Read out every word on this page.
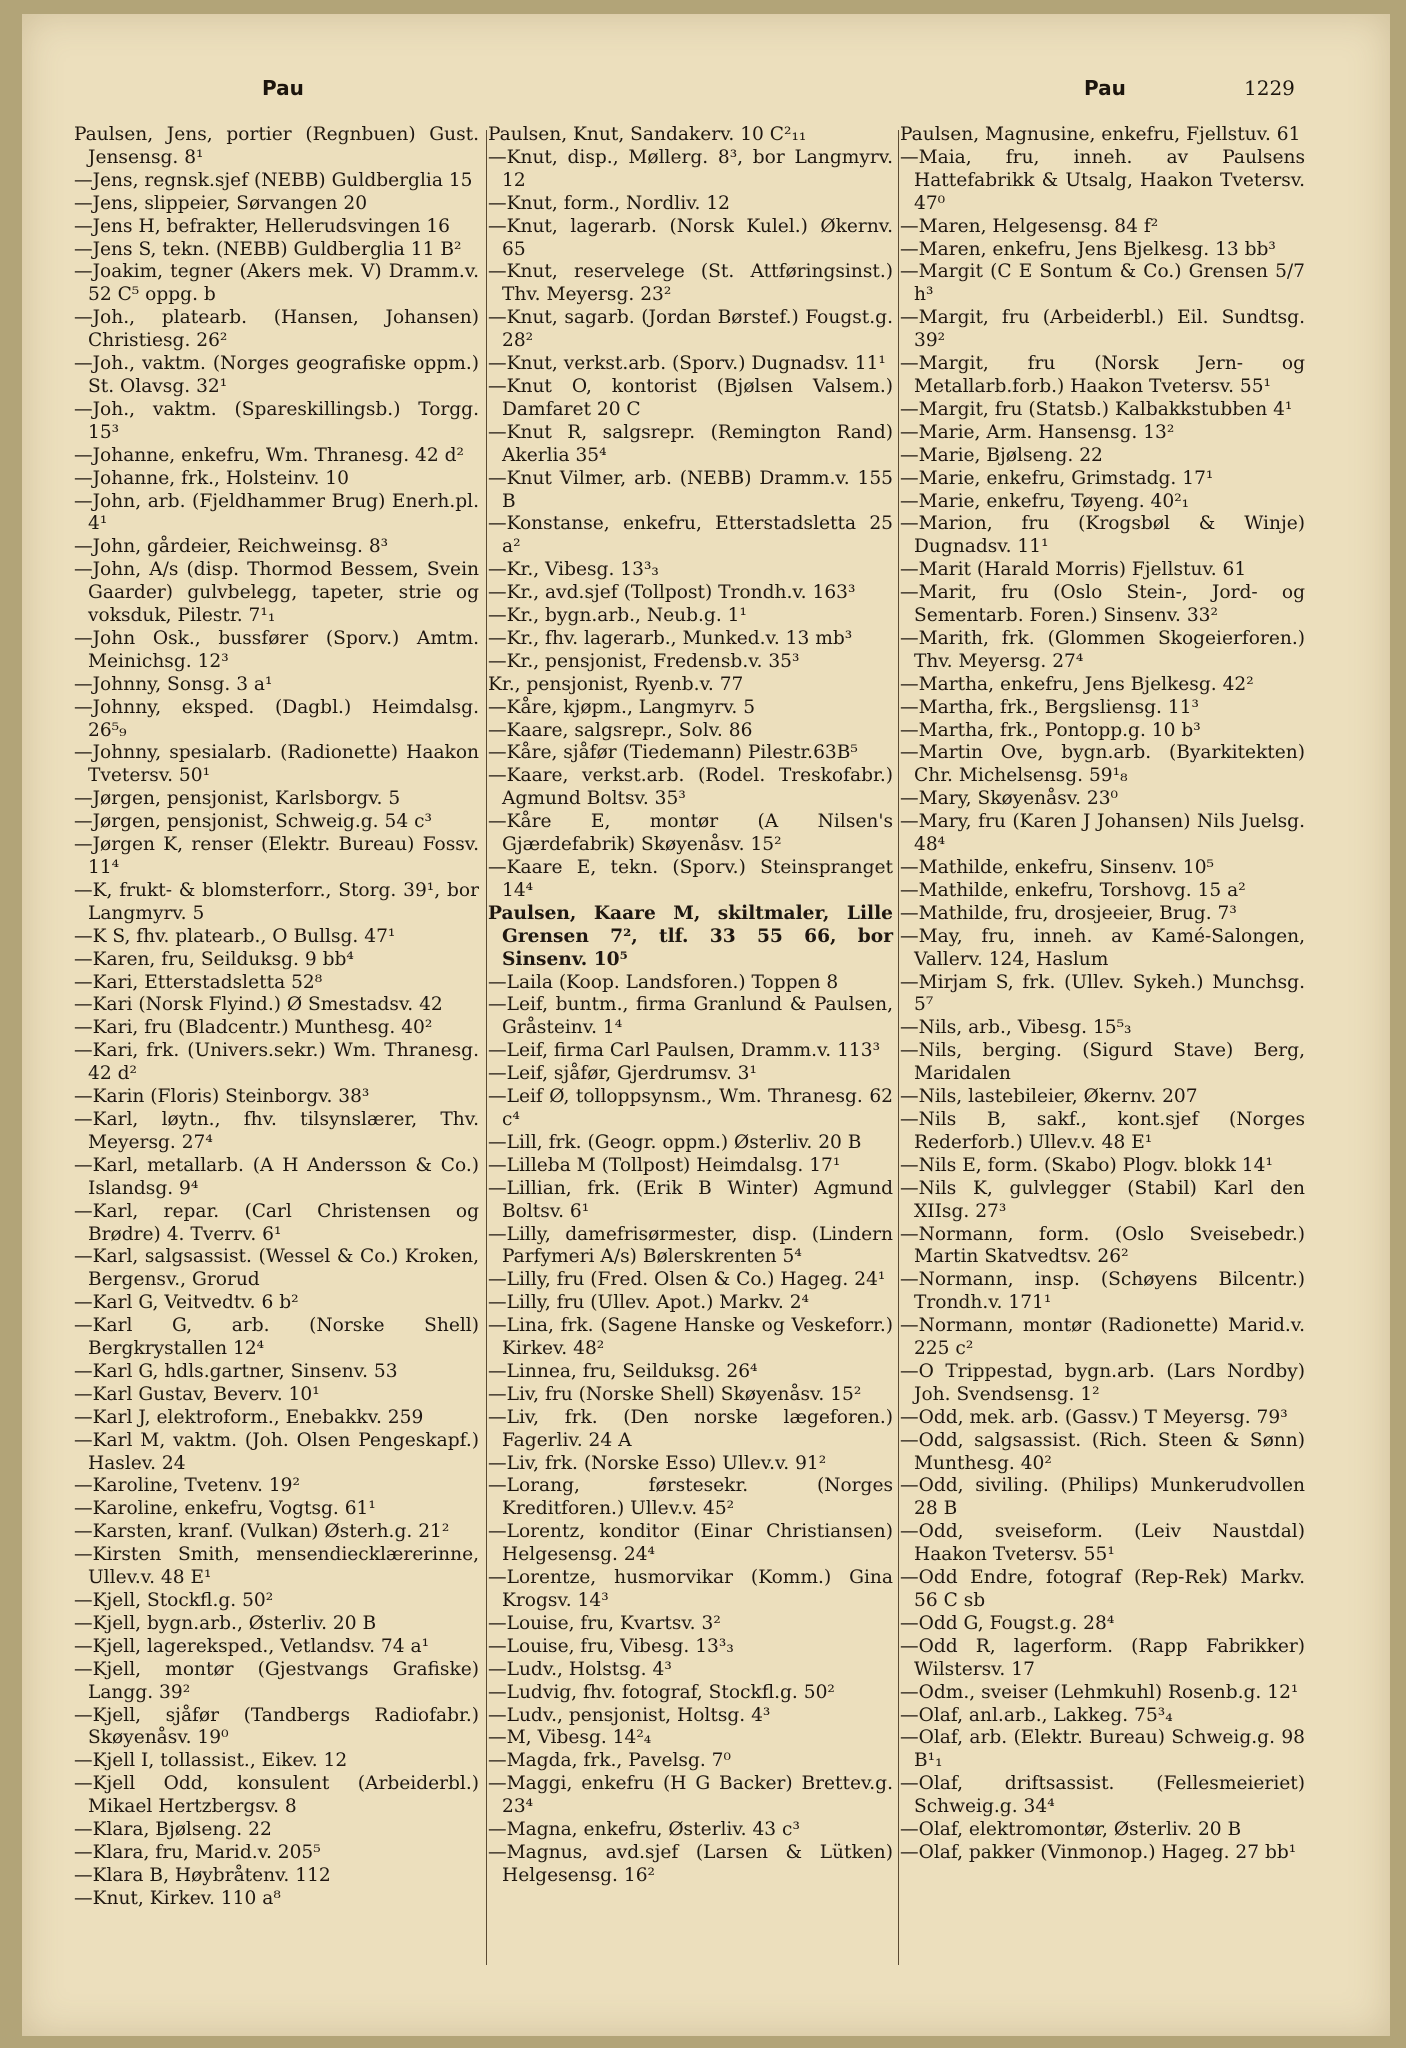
Pau	Pau	1229
Paulsen, Jens, portier (Regnbuen) Gust. Jensensg. 8¹
—Jens, regnsk.sjef (NEBB) Guldberglia 15
—Jens, slippeier, Sørvangen 20
—Jens H, befrakter, Hellerudsvingen 16
—Jens S, tekn. (NEBB) Guldberglia 11 B²
—Joakim, tegner (Akers mek. V) Dramm.v. 52 C⁵ oppg. b
—Joh., platearb. (Hansen, Johansen) Christiesg. 26²
—Joh., vaktm. (Norges geografiske oppm.) St. Olavsg. 32¹
—Joh., vaktm. (Spareskillingsb.) Torgg. 15³
—Johanne, enkefru, Wm. Thranesg. 42 d²
—Johanne, frk., Holsteinv. 10
—John, arb. (Fjeldhammer Brug) Enerh.pl. 4¹
—John, gårdeier, Reichweinsg. 8³
—John, A/s (disp. Thormod Bessem, Svein Gaarder) gulvbelegg, tapeter, strie og voksduk, Pilestr. 7¹₁
—John Osk., bussfører (Sporv.) Amtm. Meinichsg. 12³
—Johnny, Sonsg. 3 a¹
—Johnny, eksped. (Dagbl.) Heimdalsg. 26⁵₉
—Johnny, spesialarb. (Radionette) Haakon Tvetersv. 50¹
—Jørgen, pensjonist, Karlsborgv. 5
—Jørgen, pensjonist, Schweig.g. 54 c³
—Jørgen K, renser (Elektr. Bureau) Fossv. 11⁴
—K, frukt- & blomsterforr., Storg. 39¹, bor Langmyrv. 5
—K S, fhv. platearb., O Bullsg. 47¹
—Karen, fru, Seilduksg. 9 bb⁴
—Kari, Etterstadsletta 52⁸
—Kari (Norsk Flyind.) Ø Smestadsv. 42
—Kari, fru (Bladcentr.) Munthesg. 40²
—Kari, frk. (Univers.sekr.) Wm. Thranesg. 42 d²
—Karin (Floris) Steinborgv. 38³
—Karl, løytn., fhv. tilsynslærer, Thv. Meyersg. 27⁴
—Karl, metallarb. (A H Andersson & Co.) Islandsg. 9⁴
—Karl, repar. (Carl Christensen og Brødre) 4. Tverrv. 6¹
—Karl, salgsassist. (Wessel & Co.) Kroken, Bergensv., Grorud
—Karl G, Veitvedtv. 6 b²
—Karl G, arb. (Norske Shell) Bergkrystallen 12⁴
—Karl G, hdls.gartner, Sinsenv. 53
—Karl Gustav, Beverv. 10¹
—Karl J, elektroform., Enebakkv. 259
—Karl M, vaktm. (Joh. Olsen Pengeskapf.) Haslev. 24
—Karoline, Tvetenv. 19²
—Karoline, enkefru, Vogtsg. 61¹
—Karsten, kranf. (Vulkan) Østerh.g. 21²
—Kirsten Smith, mensendiecklærerinne, Ullev.v. 48 E¹
—Kjell, Stockfl.g. 50²
—Kjell, bygn.arb., Østerliv. 20 B
—Kjell, lagereksped., Vetlandsv. 74 a¹
—Kjell, montør (Gjestvangs Grafiske) Langg. 39²
—Kjell, sjåfør (Tandbergs Radiofabr.) Skøyenåsv. 19⁰
—Kjell I, tollassist., Eikev. 12
—Kjell Odd, konsulent (Arbeiderbl.) Mikael Hertzbergsv. 8
—Klara, Bjølseng. 22
—Klara, fru, Marid.v. 205⁵
—Klara B, Høybråtenv. 112
—Knut, Kirkev. 110 a⁸
Paulsen, Knut, Sandakerv. 10 C²₁₁
—Knut, disp., Møllerg. 8³, bor Langmyrv. 12
—Knut, form., Nordliv. 12
—Knut, lagerarb. (Norsk Kulel.) Økernv. 65
—Knut, reservelege (St. Attføringsinst.) Thv. Meyersg. 23²
—Knut, sagarb. (Jordan Børstef.) Fougst.g. 28²
—Knut, verkst.arb. (Sporv.) Dugnadsv. 11¹
—Knut O, kontorist (Bjølsen Valsem.) Damfaret 20 C
—Knut R, salgsrepr. (Remington Rand) Akerlia 35⁴
—Knut Vilmer, arb. (NEBB) Dramm.v. 155 B
—Konstanse, enkefru, Etterstadsletta 25 a²
—Kr., Vibesg. 13³₃
—Kr., avd.sjef (Tollpost) Trondh.v. 163³
—Kr., bygn.arb., Neub.g. 1¹
—Kr., fhv. lagerarb., Munked.v. 13 mb³
—Kr., pensjonist, Fredensb.v. 35³
Kr., pensjonist, Ryenb.v. 77
—Kåre, kjøpm., Langmyrv. 5
—Kaare, salgsrepr., Solv. 86
—Kåre, sjåfør (Tiedemann) Pilestr.63B⁵
—Kaare, verkst.arb. (Rodel. Treskofabr.) Agmund Boltsv. 35³
—Kåre E, montør (A Nilsen's Gjærdefabrik) Skøyenåsv. 15²
—Kaare E, tekn. (Sporv.) Steinspranget 14⁴
Paulsen, Kaare M, skiltmaler, Lille Grensen 7², tlf. 33 55 66, bor Sinsenv. 10⁵
—Laila (Koop. Landsforen.) Toppen 8
—Leif, buntm., firma Granlund & Paulsen, Gråsteinv. 1⁴
—Leif, firma Carl Paulsen, Dramm.v. 113³
—Leif, sjåfør, Gjerdrumsv. 3¹
—Leif Ø, tolloppsynsm., Wm. Thranesg. 62 c⁴
—Lill, frk. (Geogr. oppm.) Østerliv. 20 B
—Lilleba M (Tollpost) Heimdalsg. 17¹
—Lillian, frk. (Erik B Winter) Agmund Boltsv. 6¹
—Lilly, damefrisørmester, disp. (Lindern Parfymeri A/s) Bølerskrenten 5⁴
—Lilly, fru (Fred. Olsen & Co.) Hageg. 24¹
—Lilly, fru (Ullev. Apot.) Markv. 2⁴
—Lina, frk. (Sagene Hanske og Veskeforr.) Kirkev. 48²
—Linnea, fru, Seilduksg. 26⁴
—Liv, fru (Norske Shell) Skøyenåsv. 15²
—Liv, frk. (Den norske lægeforen.) Fagerliv. 24 A
—Liv, frk. (Norske Esso) Ullev.v. 91²
—Lorang, førstesekr. (Norges Kreditforen.) Ullev.v. 45²
—Lorentz, konditor (Einar Christiansen) Helgesensg. 24⁴
—Lorentze, husmorvikar (Komm.) Gina Krogsv. 14³
—Louise, fru, Kvartsv. 3²
—Louise, fru, Vibesg. 13³₃
—Ludv., Holstsg. 4³
—Ludvig, fhv. fotograf, Stockfl.g. 50²
—Ludv., pensjonist, Holtsg. 4³
—M, Vibesg. 14²₄
—Magda, frk., Pavelsg. 7⁰
—Maggi, enkefru (H G Backer) Brettev.g. 23⁴
—Magna, enkefru, Østerliv. 43 c³
—Magnus, avd.sjef (Larsen & Lütken) Helgesensg. 16²
Paulsen, Magnusine, enkefru, Fjellstuv. 61
—Maia, fru, inneh. av Paulsens Hattefabrikk & Utsalg, Haakon Tvetersv. 47⁰
—Maren, Helgesensg. 84 f²
—Maren, enkefru, Jens Bjelkesg. 13 bb³
—Margit (C E Sontum & Co.) Grensen 5/7 h³
—Margit, fru (Arbeiderbl.) Eil. Sundtsg. 39²
—Margit, fru (Norsk Jern- og Metallarb.forb.) Haakon Tvetersv. 55¹
—Margit, fru (Statsb.) Kalbakkstubben 4¹
—Marie, Arm. Hansensg. 13²
—Marie, Bjølseng. 22
—Marie, enkefru, Grimstadg. 17¹
—Marie, enkefru, Tøyeng. 40²₁
—Marion, fru (Krogsbøl & Winje) Dugnadsv. 11¹
—Marit (Harald Morris) Fjellstuv. 61
—Marit, fru (Oslo Stein-, Jord- og Sementarb. Foren.) Sinsenv. 33²
—Marith, frk. (Glommen Skogeierforen.) Thv. Meyersg. 27⁴
—Martha, enkefru, Jens Bjelkesg. 42²
—Martha, frk., Bergsliensg. 11³
—Martha, frk., Pontopp.g. 10 b³
—Martin Ove, bygn.arb. (Byarkitekten) Chr. Michelsensg. 59¹₈
—Mary, Skøyenåsv. 23⁰
—Mary, fru (Karen J Johansen) Nils Juelsg. 48⁴
—Mathilde, enkefru, Sinsenv. 10⁵
—Mathilde, enkefru, Torshovg. 15 a²
—Mathilde, fru, drosjeeier, Brug. 7³
—May, fru, inneh. av Kamé-Salongen, Vallerv. 124, Haslum
—Mirjam S, frk. (Ullev. Sykeh.) Munchsg. 5⁷
—Nils, arb., Vibesg. 15⁵₃
—Nils, berging. (Sigurd Stave) Berg, Maridalen
—Nils, lastebileier, Økernv. 207
—Nils B, sakf., kont.sjef (Norges Rederforb.) Ullev.v. 48 E¹
—Nils E, form. (Skabo) Plogv. blokk 14¹
—Nils K, gulvlegger (Stabil) Karl den XIIsg. 27³
—Normann, form. (Oslo Sveisebedr.) Martin Skatvedtsv. 26²
—Normann, insp. (Schøyens Bilcentr.) Trondh.v. 171¹
—Normann, montør (Radionette) Marid.v. 225 c²
—O Trippestad, bygn.arb. (Lars Nordby) Joh. Svendsensg. 1²
—Odd, mek. arb. (Gassv.) T Meyersg. 79³
—Odd, salgsassist. (Rich. Steen & Sønn) Munthesg. 40²
—Odd, siviling. (Philips) Munkerudvollen 28 B
—Odd, sveiseform. (Leiv Naustdal) Haakon Tvetersv. 55¹
—Odd Endre, fotograf (Rep-Rek) Markv. 56 C sb
—Odd G, Fougst.g. 28⁴
—Odd R, lagerform. (Rapp Fabrikker) Wilstersv. 17
—Odm., sveiser (Lehmkuhl) Rosenb.g. 12¹
—Olaf, anl.arb., Lakkeg. 75³₄
—Olaf, arb. (Elektr. Bureau) Schweig.g. 98 B¹₁
—Olaf, driftsassist. (Fellesmeieriet) Schweig.g. 34⁴
—Olaf, elektromontør, Østerliv. 20 B
—Olaf, pakker (Vinmonop.) Hageg. 27 bb¹
